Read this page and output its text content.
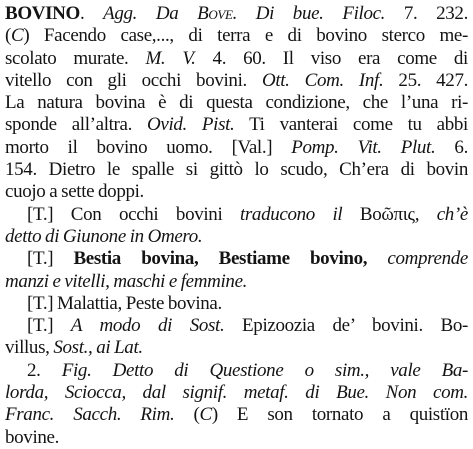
BOVINO. Agg. Da Bove. Di bue. Filoc. 7. 232.
(C) Facendo case,..., di terra e di bovino sterco me-
scolato murate. M. V. 4. 60. Il viso era come di
vitello con gli occhi bovini. Ott. Com. Inf. 25. 427.
La natura bovina è di questa condizione, che l’una ri-
sponde all’altra. Ovid. Pist. Ti vanterai come tu abbi
morto il bovino uomo. [Val.] Pomp. Vit. Plut. 6.
154. Dietro le spalle si gittò lo scudo, Ch’era di bovin
cuojo a sette doppi.
[T.] Con occhi bovini traducono il Βοῶπις, ch’è
detto di Giunone in Omero.
[T.] Bestia bovina, Bestiame bovino, comprende
manzi e vitelli, maschi e femmine.
[T.] Malattia, Peste bovina.
[T.] A modo di Sost. Epizoozia de’ bovini. Bo-
villus, Sost., ai Lat.
2. Fig. Detto di Questione o sim., vale Ba-
lorda, Sciocca, dal signif. metaf. di Bue. Non com.
Franc. Sacch. Rim. (C) E son tornato a quistïon
bovine.
